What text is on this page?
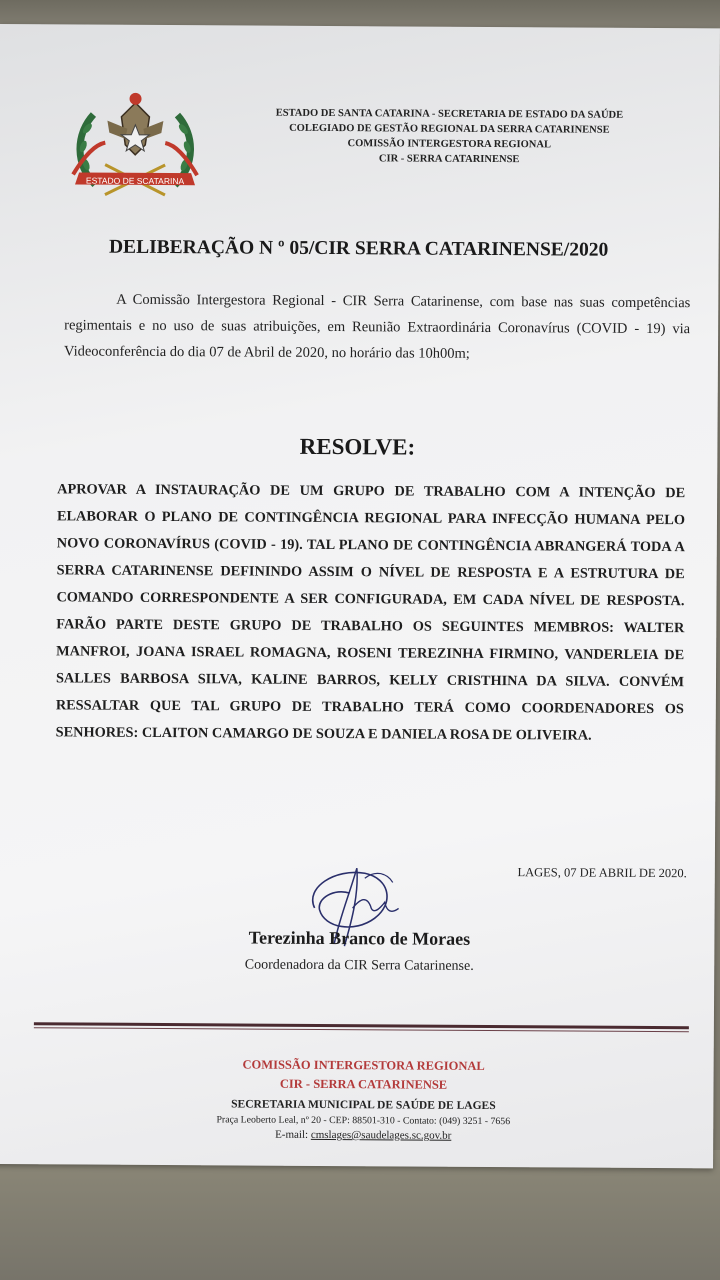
ESTADO DE SCATARINA
ESTADO DE SANTA CATARINA - SECRETARIA DE ESTADO DA SAÚDE
COLEGIADO DE GESTÃO REGIONAL DA SERRA CATARINENSE
COMISSÃO INTERGESTORA REGIONAL
CIR - SERRA CATARINENSE
DELIBERAÇÃO N º 05/CIR SERRA CATARINENSE/2020

A Comissão Intergestora Regional - CIR Serra Catarinense, com base nas suas competências regimentais e no uso de suas atribuições, em Reunião Extraordinária Coronavírus (COVID - 19) via Videoconferência do dia 07 de Abril de 2020, no horário das 10h00m;

RESOLVE:

APROVAR A INSTAURAÇÃO DE UM GRUPO DE TRABALHO COM A INTENÇÃO DE ELABORAR O PLANO DE CONTINGÊNCIA REGIONAL PARA INFECÇÃO HUMANA PELO NOVO CORONAVÍRUS (COVID - 19). TAL PLANO DE CONTINGÊNCIA ABRANGERÁ TODA A SERRA CATARINENSE DEFININDO ASSIM O NÍVEL DE RESPOSTA E A ESTRUTURA DE COMANDO CORRESPONDENTE A SER CONFIGURADA, EM CADA NÍVEL DE RESPOSTA. FARÃO PARTE DESTE GRUPO DE TRABALHO OS SEGUINTES MEMBROS: WALTER MANFROI, JOANA ISRAEL ROMAGNA, ROSENI TEREZINHA FIRMINO, VANDERLEIA DE SALLES BARBOSA SILVA, KALINE BARROS, KELLY CRISTHINA DA SILVA. CONVÉM RESSALTAR QUE TAL GRUPO DE TRABALHO TERÁ COMO COORDENADORES OS SENHORES: CLAITON CAMARGO DE SOUZA E DANIELA ROSA DE OLIVEIRA.

LAGES, 07 DE ABRIL DE 2020.
Terezinha Branco de Moraes
Coordenadora da CIR Serra Catarinense.
COMISSÃO INTERGESTORA REGIONAL
CIR - SERRA CATARINENSE
SECRETARIA MUNICIPAL DE SAÚDE DE LAGES
Praça Leoberto Leal, nº 20 - CEP: 88501-310 - Contato: (049) 3251 - 7656
E-mail: cmslages@saudelages.sc.gov.br
